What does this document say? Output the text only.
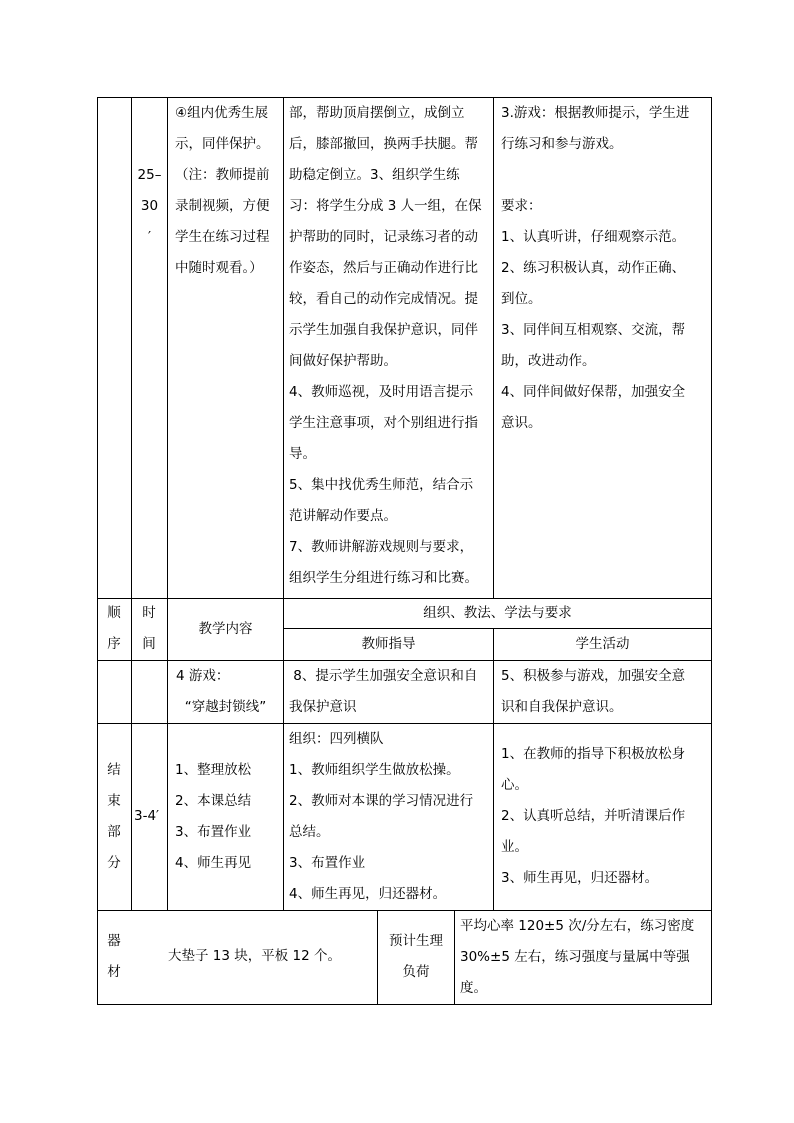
25–
30
′
④组内优秀生展
示，同伴保护。
（注：教师提前
录制视频，方便
学生在练习过程
中随时观看。）
部，帮助顶肩摆倒立，成倒立
后，膝部撤回，换两手扶腿。帮
助稳定倒立。3、组织学生练
习：将学生分成 3 人一组，在保
护帮助的同时，记录练习者的动
作姿态，然后与正确动作进行比
较，看自己的动作完成情况。提
示学生加强自我保护意识，同伴
间做好保护帮助。
4、教师巡视，及时用语言提示
学生注意事项，对个别组进行指
导。
5、集中找优秀生师范，结合示
范讲解动作要点。
7、教师讲解游戏规则与要求，
组织学生分组进行练习和比赛。
3.游戏：根据教师提示，学生进
行练习和参与游戏。
要求：
1、认真听讲，仔细观察示范。
2、练习积极认真，动作正确、
到位。
3、同伴间互相观察、交流，帮
助，改进动作。
4、同伴间做好保帮，加强安全
意识。
顺序
时间
教学内容
组织、教法、学法与要求
教师指导	学生活动
4 游戏：
“穿越封锁线”
8、提示学生加强安全意识和自
我保护意识
5、积极参与游戏，加强安全意
识和自我保护意识。
结束部分
3-4′
1、整理放松
2、本课总结
3、布置作业
4、师生再见
组织：四列横队
1、教师组织学生做放松操。
2、教师对本课的学习情况进行
总结。
3、布置作业
4、师生再见，归还器材。
1、在教师的指导下积极放松身
心。
2、认真听总结，并听清课后作
业。
3、师生再见，归还器材。
器材
大垫子 13 块，平板 12 个。
预计生理
负荷
平均心率 120±5 次/分左右，练习密度
30%±5 左右，练习强度与量属中等强
度。
